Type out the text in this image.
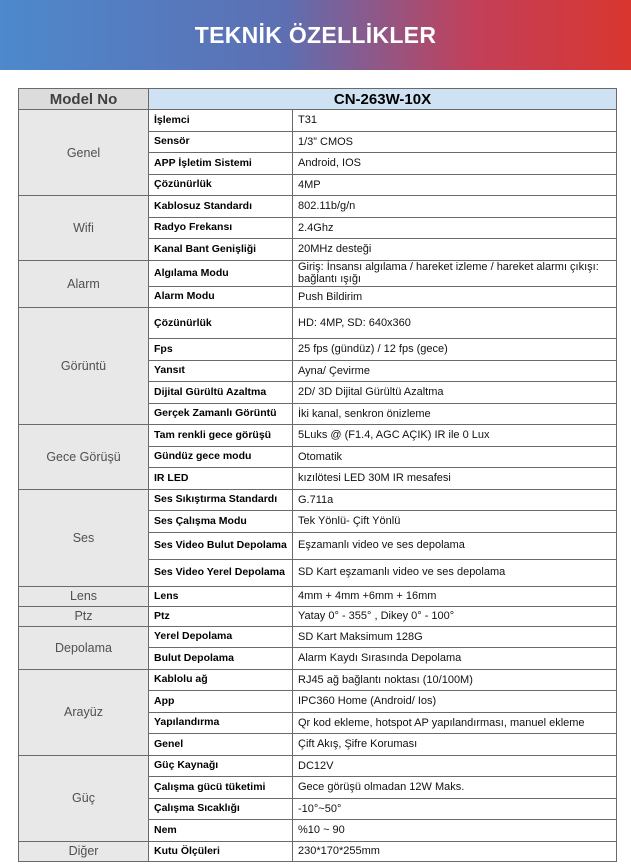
TEKNİK ÖZELLİKLER
Model No	CN-263W-10X	
Genel	İşlemci	T31
	Sensör	1/3” CMOS
	APP İşletim Sistemi	Android, IOS
	Çözünürlük	4MP
Wifi	Kablosuz Standardı	802.11b/g/n
	Radyo Frekansı	2.4Ghz
	Kanal Bant Genişliği	20MHz desteği
Alarm	Algılama Modu	Giriş: İnsansı algılama / hareket izleme / hareket alarmı çıkışı: bağlantı ışığı
	Alarm Modu	Push Bildirim
Görüntü	Çözünürlük	HD: 4MP, SD: 640x360
	Fps	25 fps (gündüz) / 12 fps (gece)
	Yansıt	Ayna/ Çevirme
	Dijital Gürültü Azaltma	2D/ 3D Dijital Gürültü Azaltma
	Gerçek Zamanlı Görüntü	İki kanal, senkron önizleme
Gece Görüşü	Tam renkli gece görüşü	5Luks @ (F1.4, AGC AÇIK) IR ile 0 Lux
	Gündüz gece modu	Otomatik
	IR LED	kızılötesi LED 30M IR mesafesi
Ses	Ses Sıkıştırma Standardı	G.711a
	Ses Çalışma Modu	Tek Yönlü- Çift Yönlü
	Ses Video Bulut Depolama	Eşzamanlı video ve ses depolama
	Ses Video Yerel Depolama	SD Kart eşzamanlı video ve ses depolama
Lens	Lens	4mm + 4mm +6mm + 16mm
Ptz	Ptz	Yatay 0° - 355° , Dikey 0° - 100°
Depolama	Yerel Depolama	SD Kart Maksimum 128G
	Bulut Depolama	Alarm Kaydı Sırasında Depolama
Arayüz	Kablolu ağ	RJ45 ağ bağlantı noktası (10/100M)
	App	IPC360 Home (Android/ Ios)
	Yapılandırma	Qr kod ekleme, hotspot AP yapılandırması, manuel ekleme
	Genel	Çift Akış, Şifre Koruması
Güç	Güç Kaynağı	DC12V
	Çalışma gücü tüketimi	Gece görüşü olmadan 12W Maks.
	Çalışma Sıcaklığı	-10°~50°
	Nem	%10 ~ 90
Diğer	Kutu Ölçüleri	230*170*255mm
